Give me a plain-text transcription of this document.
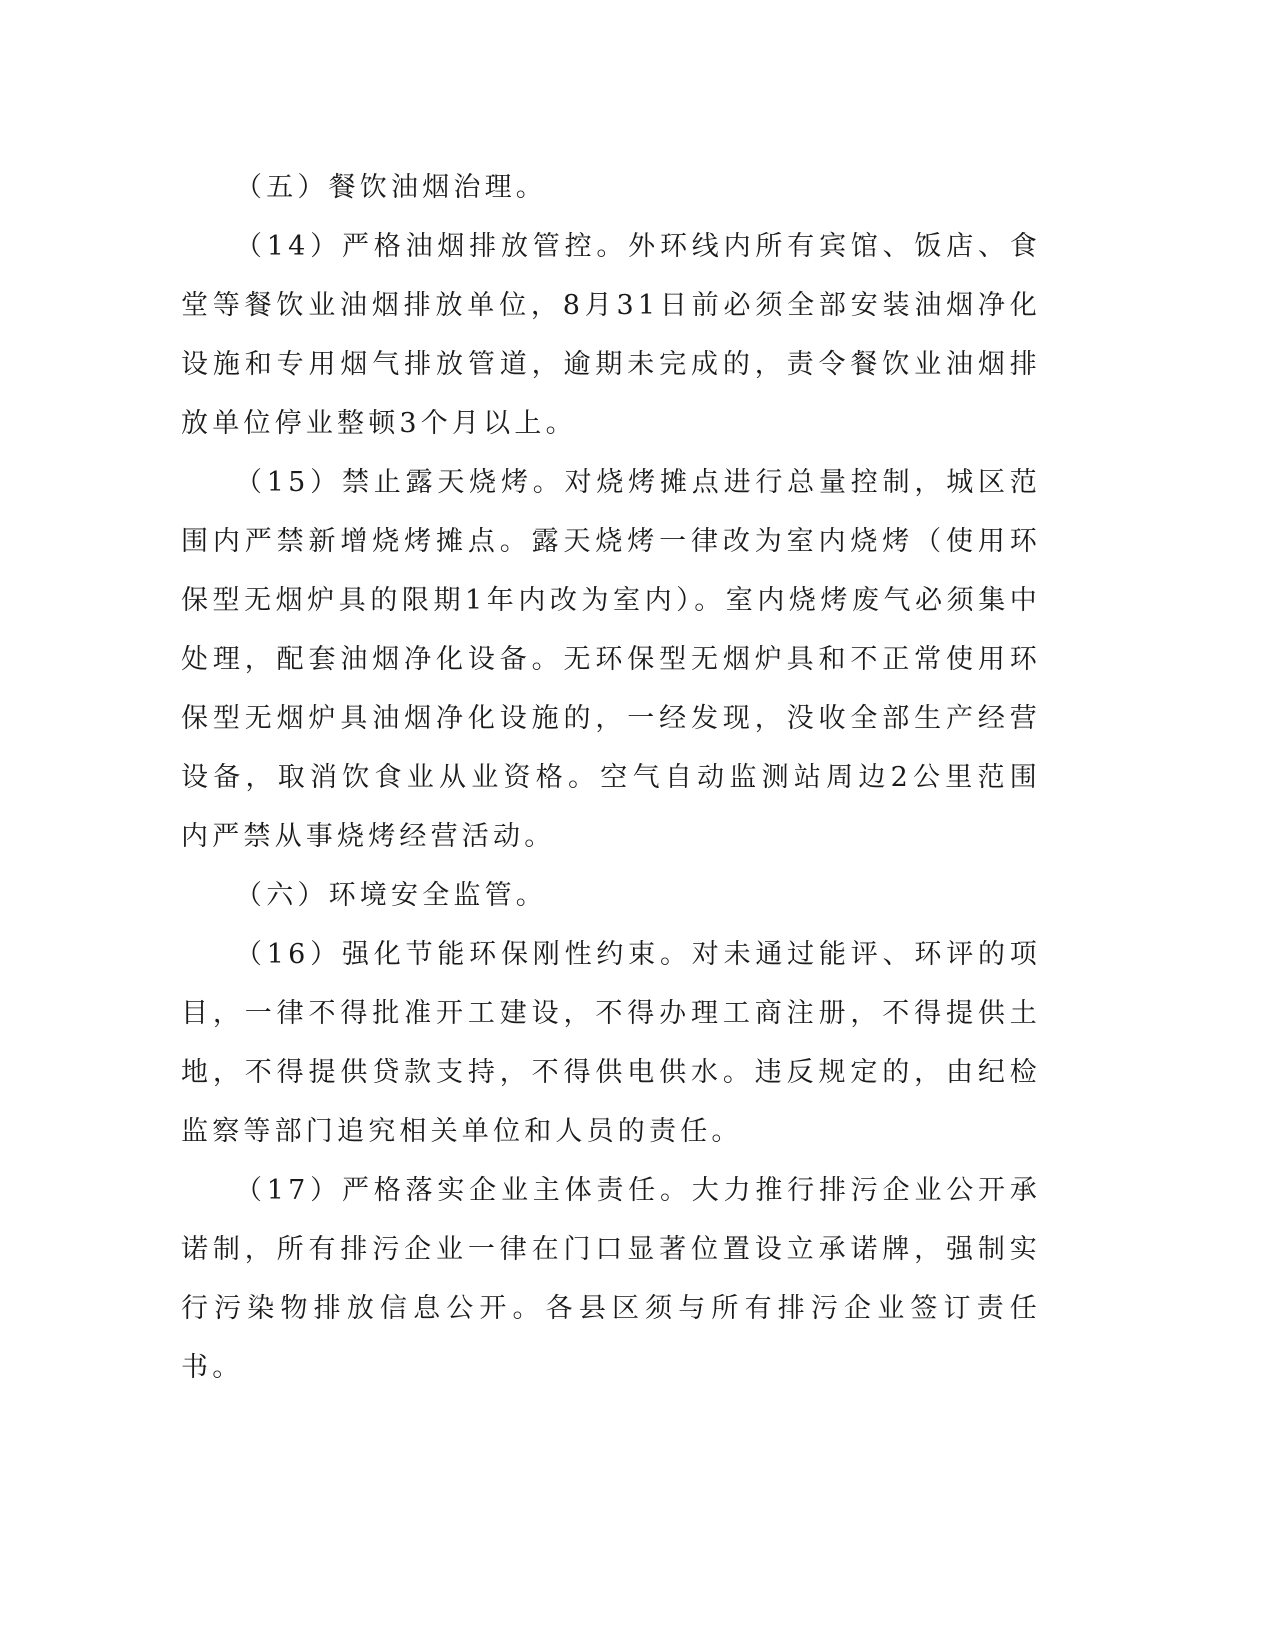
（五）餐饮油烟治理。

（14）严格油烟排放管控。外环线内所有宾馆、饭店、食堂等餐饮业油烟排放单位，8月31日前必须全部安装油烟净化设施和专用烟气排放管道，逾期未完成的，责令餐饮业油烟排放单位停业整顿3个月以上。

（15）禁止露天烧烤。对烧烤摊点进行总量控制，城区范围内严禁新增烧烤摊点。露天烧烤一律改为室内烧烤（使用环保型无烟炉具的限期1年内改为室内）。室内烧烤废气必须集中处理，配套油烟净化设备。无环保型无烟炉具和不正常使用环保型无烟炉具油烟净化设施的，一经发现，没收全部生产经营设备，取消饮食业从业资格。空气自动监测站周边2公里范围内严禁从事烧烤经营活动。

（六）环境安全监管。

（16）强化节能环保刚性约束。对未通过能评、环评的项目，一律不得批准开工建设，不得办理工商注册，不得提供土地，不得提供贷款支持，不得供电供水。违反规定的，由纪检监察等部门追究相关单位和人员的责任。

（17）严格落实企业主体责任。大力推行排污企业公开承诺制，所有排污企业一律在门口显著位置设立承诺牌，强制实行污染物排放信息公开。各县区须与所有排污企业签订责任书。
